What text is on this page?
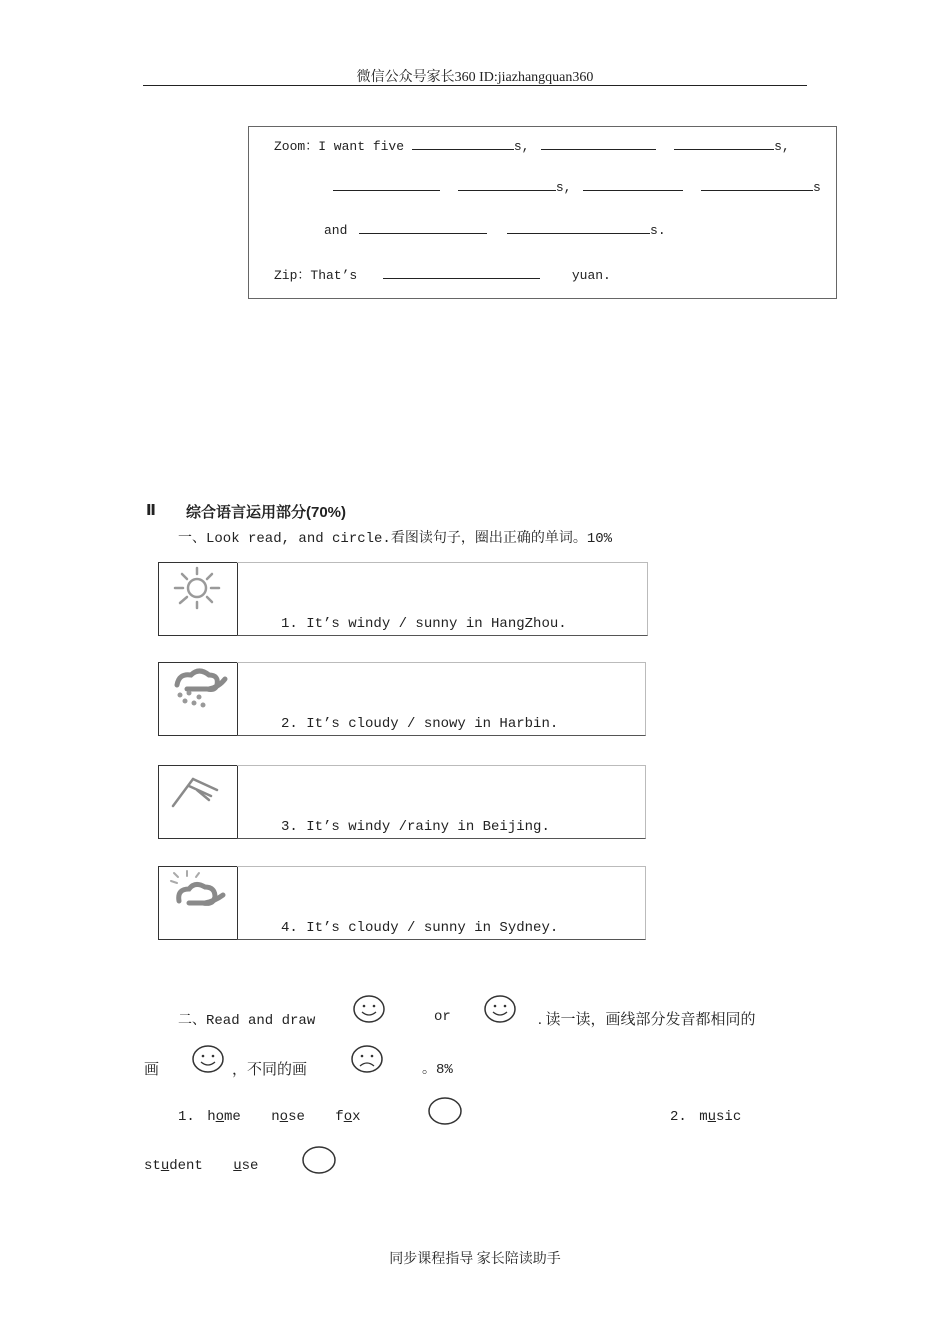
微信公众号家长360 ID:jiazhangquan360
Zoom：I want five	s,	s,
s,	s
and	s.
Zip：That’s	yuan.
Ⅱ 综合语言运用部分(70%)
一、Look read, and circle.看图读句子，圈出正确的单词。10%
1. It’s windy / sunny in HangZhou.
2. It’s cloudy / snowy in Harbin.
3. It’s windy /rainy in Beijing.
4. It’s cloudy / sunny in Sydney.
二、Read and draw	or	. 读一读，画线部分发音都相同的
画	，不同的画	。8%
1. home nose fox	2. music
student use
同步课程指导 家长陪读助手
